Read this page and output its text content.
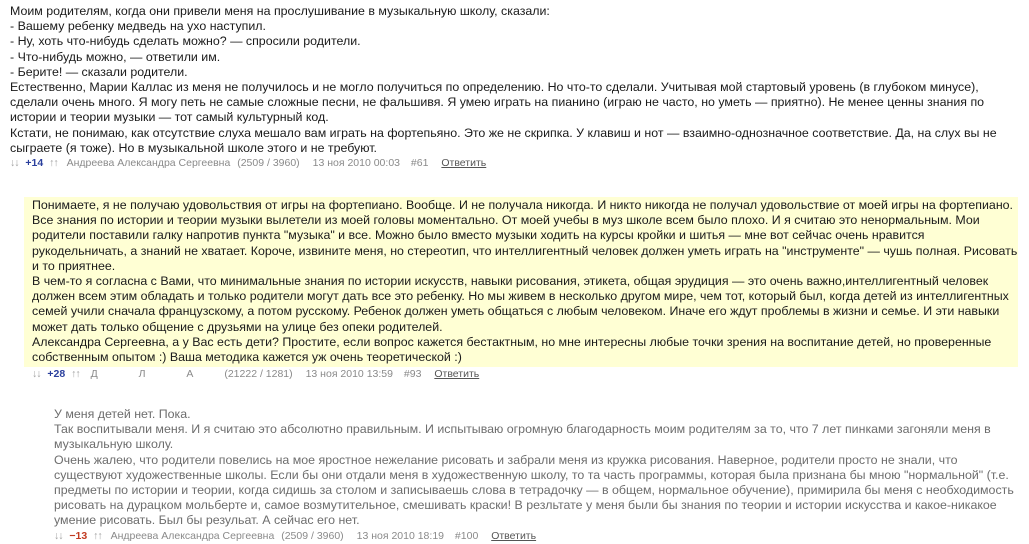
Моим родителям, когда они привели меня на прослушивание в музыкальную школу, сказали:

- Вашему ребенку медведь на ухо наступил.

- Ну, хоть что-нибудь сделать можно? — спросили родители.

- Что-нибудь можно, — ответили им.

- Берите! — сказали родители.

Естественно, Марии Каллас из меня не получилось и не могло получиться по определению. Но что-то сделали. Учитывая мой стартовый уровень (в глубоком минусе), сделали очень много. Я могу петь не самые сложные песни, не фальшивя. Я умею играть на пианино (играю не часто, но уметь — приятно). Не менее ценны знания по истории и теории музыки — тот самый культурный код.

Кстати, не понимаю, как отсутствие слуха мешало вам играть на фортепьяно. Это же не скрипка. У клавиш и нот — взаимно-однозначное соответствие. Да, на слух вы не сыграете (я тоже). Но в музыкальной школе этого и не требуют.

↓↓ +14 ↑↑ Андреева Александра Сергеевна (2509 / 3960) 13 ноя 2010 00:03 #61 Ответить

Понимаете, я не получаю удовольствия от игры на фортепиано. Вообще. И не получала никогда. И никто никогда не получал удовольствие от моей игры на фортепиано. Все знания по истории и теории музыки вылетели из моей головы моментально. От моей учебы в муз школе всем было плохо. И я считаю это ненормальным. Мои родители поставили галку напротив пункта "музыка" и все. Можно было вместо музыки ходить на курсы кройки и шитья — мне вот сейчас очень нравится рукодельничать, а знаний не хватает. Короче, извините меня, но стереотип, что интеллигентный человек должен уметь играть на "инструменте" — чушь полная. Рисовать и то приятнее.

В чем-то я согласна с Вами, что минимальные знания по истории искусств, навыки рисования, этикета, общая эрудиция — это очень важно,интеллигентный человек должен всем этим обладать и только родители могут дать все это ребенку. Но мы живем в несколько другом мире, чем тот, который был, когда детей из интеллигентных семей учили сначала французскому, а потом русскому. Ребенок должен уметь общаться с любым человеком. Иначе его ждут проблемы в жизни и семье. И эти навыки может дать только общение с друзьями на улице без опеки родителей.

Александра Сергеевна, а у Вас есть дети? Простите, если вопрос кажется бестактным, но мне интересны любые точки зрения на воспитание детей, но проверенные собственным опытом :) Ваша методика кажется уж очень теоретической :)

↓↓ +28 ↑↑ Д Л А	(21222 / 1281) 13 ноя 2010 13:59 #93 Ответить

У меня детей нет. Пока.

Так воспитывали меня. И я считаю это абсолютно правильным. И испытываю огромную благодарность моим родителям за то, что 7 лет пинками загоняли меня в музыкальную школу.

Очень жалею, что родители повелись на мое яростное нежелание рисовать и забрали меня из кружка рисования. Наверное, родители просто не знали, что существуют художественные школы. Если бы они отдали меня в художественную школу, то та часть программы, которая была признана бы мною "нормальной" (т.е. предметы по истории и теории, когда сидишь за столом и записываешь слова в тетрадочку — в общем, нормальное обучение), примирила бы меня с необходимость рисовать на дурацком мольберте и, самое возмутительное, смешивать краски! В резльтате у меня были бы знания по теории и истории искусства и какое-никакое умение рисовать. Был бы резульат. А сейчас его нет.

↓↓ −13 ↑↑ Андреева Александра Сергеевна (2509 / 3960) 13 ноя 2010 18:19 #100 Ответить
